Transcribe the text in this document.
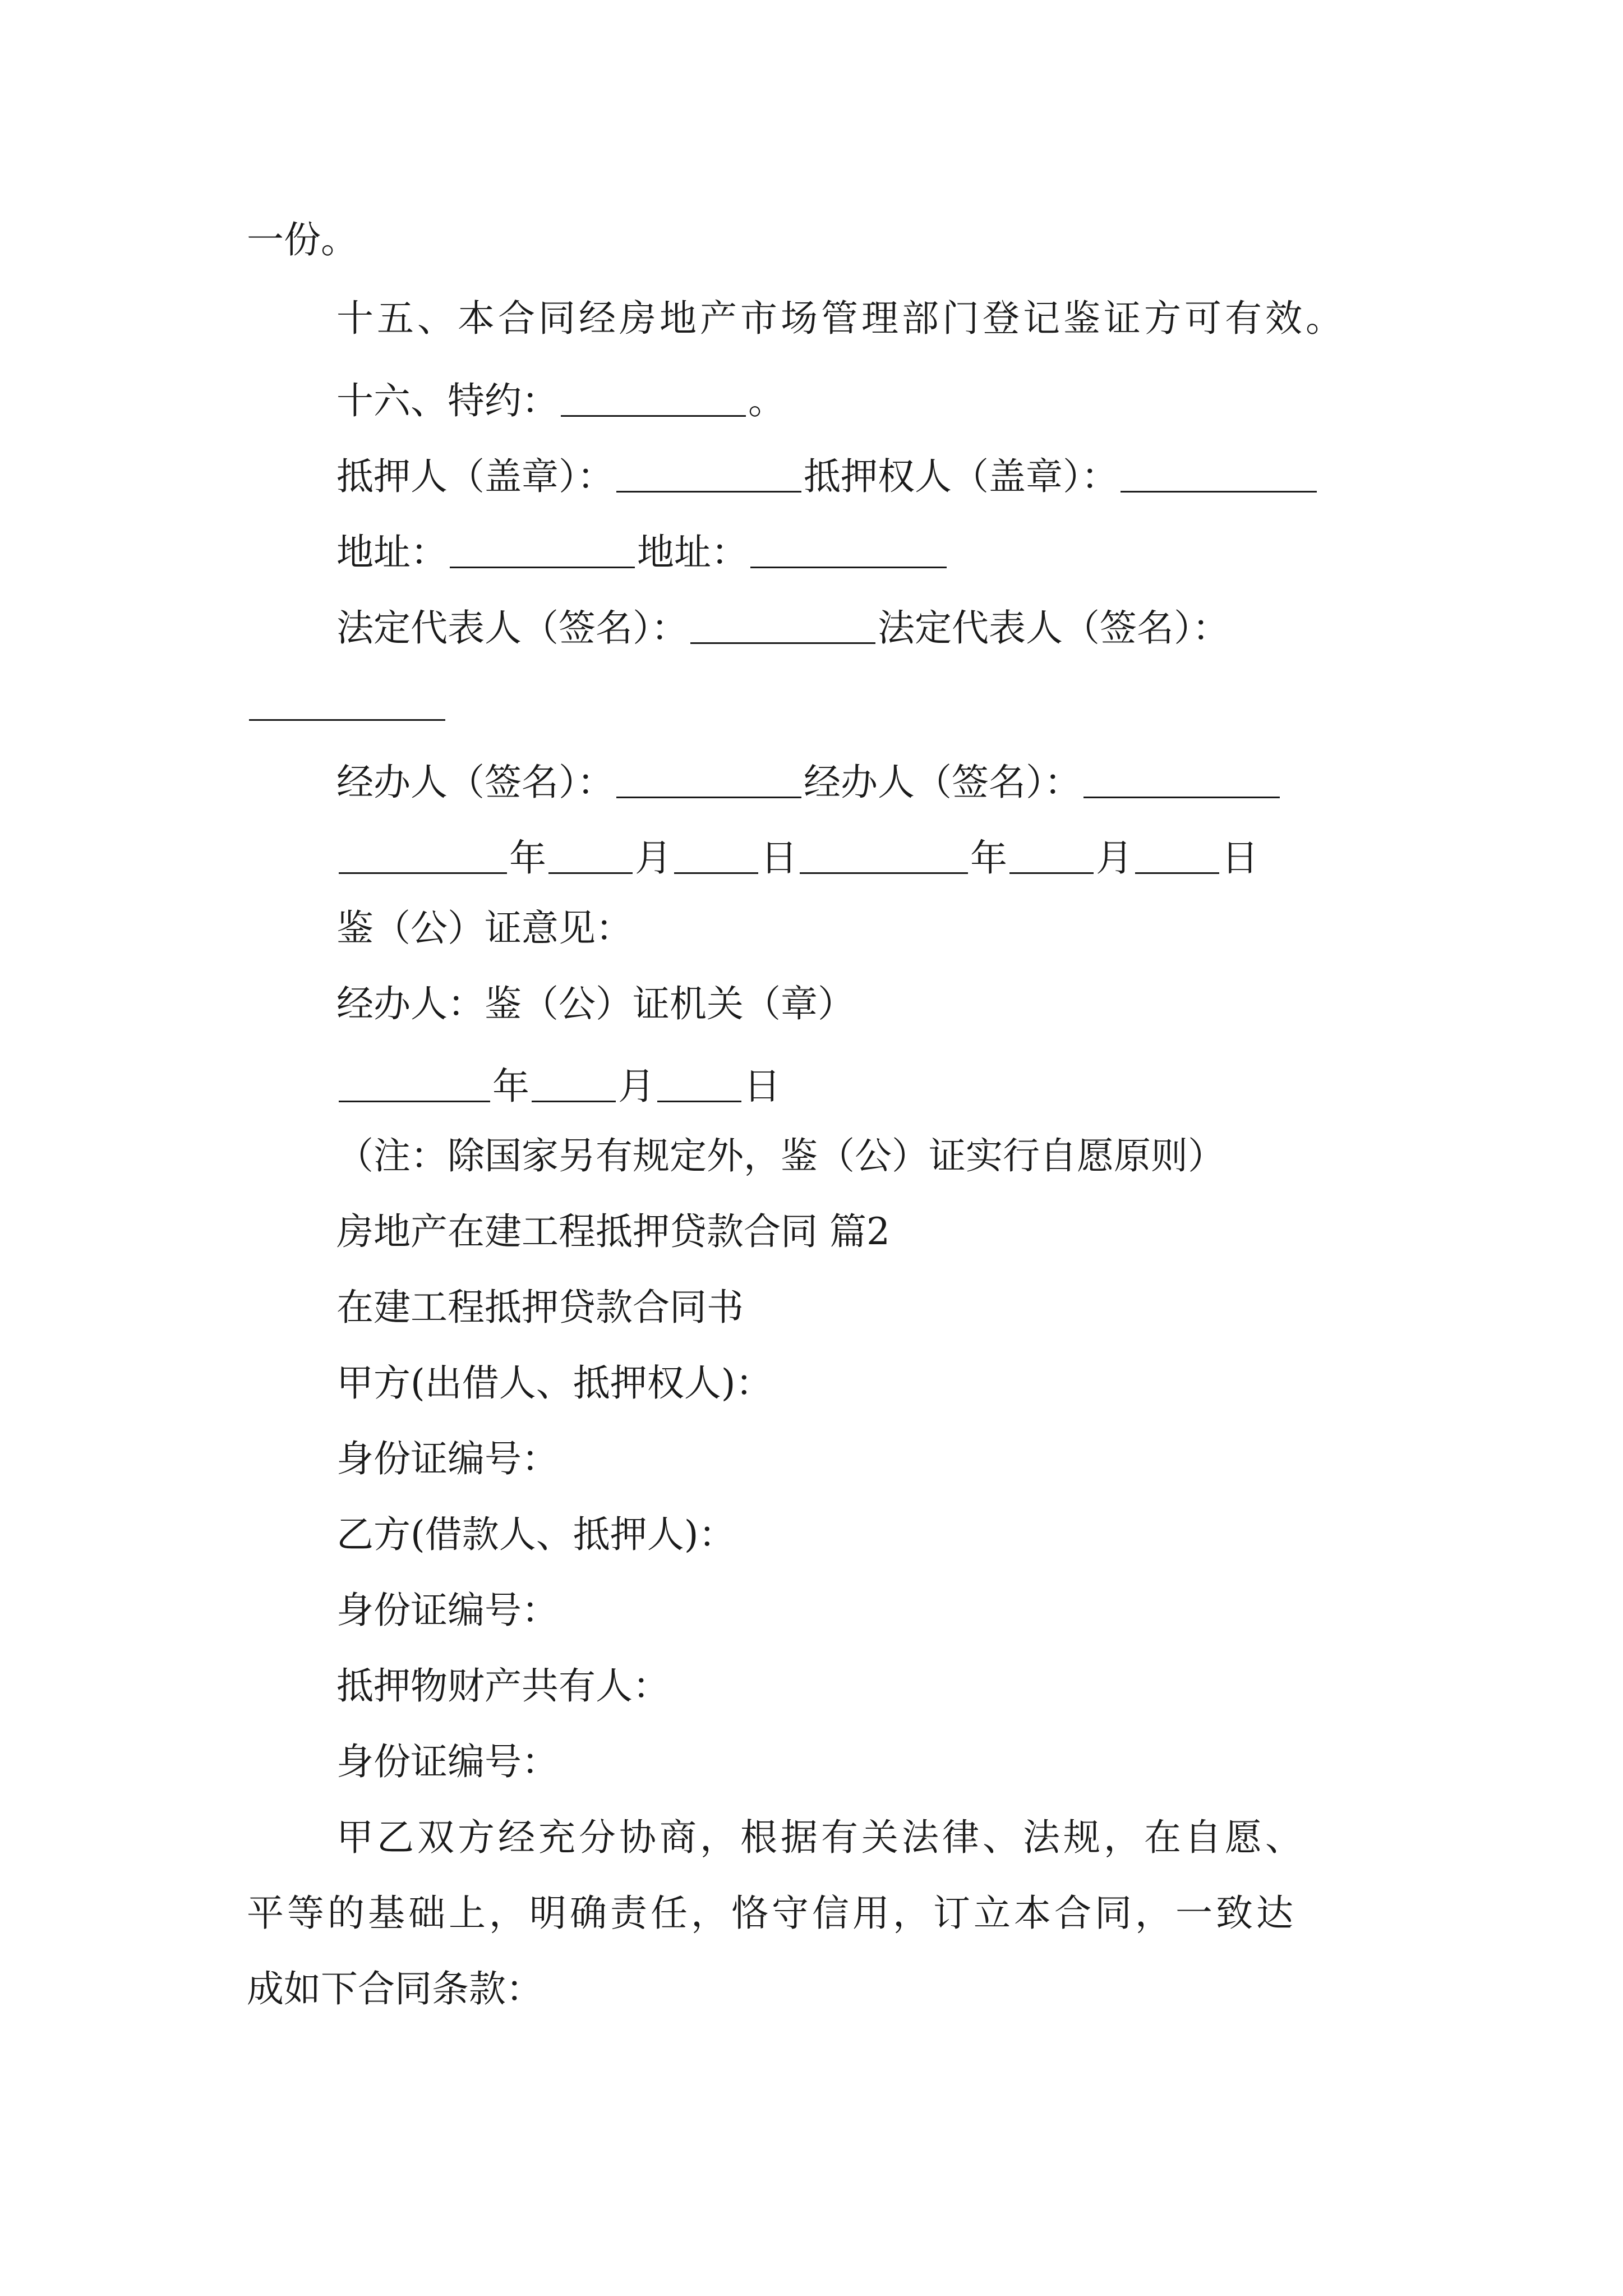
一份。
十五、本合同经房地产市场管理部门登记鉴证方可有效。
十六、特约：	。
抵押人（盖章）：	抵押权人（盖章）：
地址：	地址：
法定代表人（签名）：	法定代表人（签名）：
经办人（签名）：	经办人（签名）：
年 月 日	年 月 日
鉴（公）证意见：
经办人：鉴（公）证机关（章）
年 月 日
（注：除国家另有规定外，鉴（公）证实行自愿原则）
房地产在建工程抵押贷款合同 篇2
在建工程抵押贷款合同书
甲方(出借人、抵押权人)：
身份证编号：
乙方(借款人、抵押人)：
身份证编号：
抵押物财产共有人：
身份证编号：
甲乙双方经充分协商，根据有关法律、法规，在自愿、
平等的基础上，明确责任，恪守信用，订立本合同，一致达
成如下合同条款：
